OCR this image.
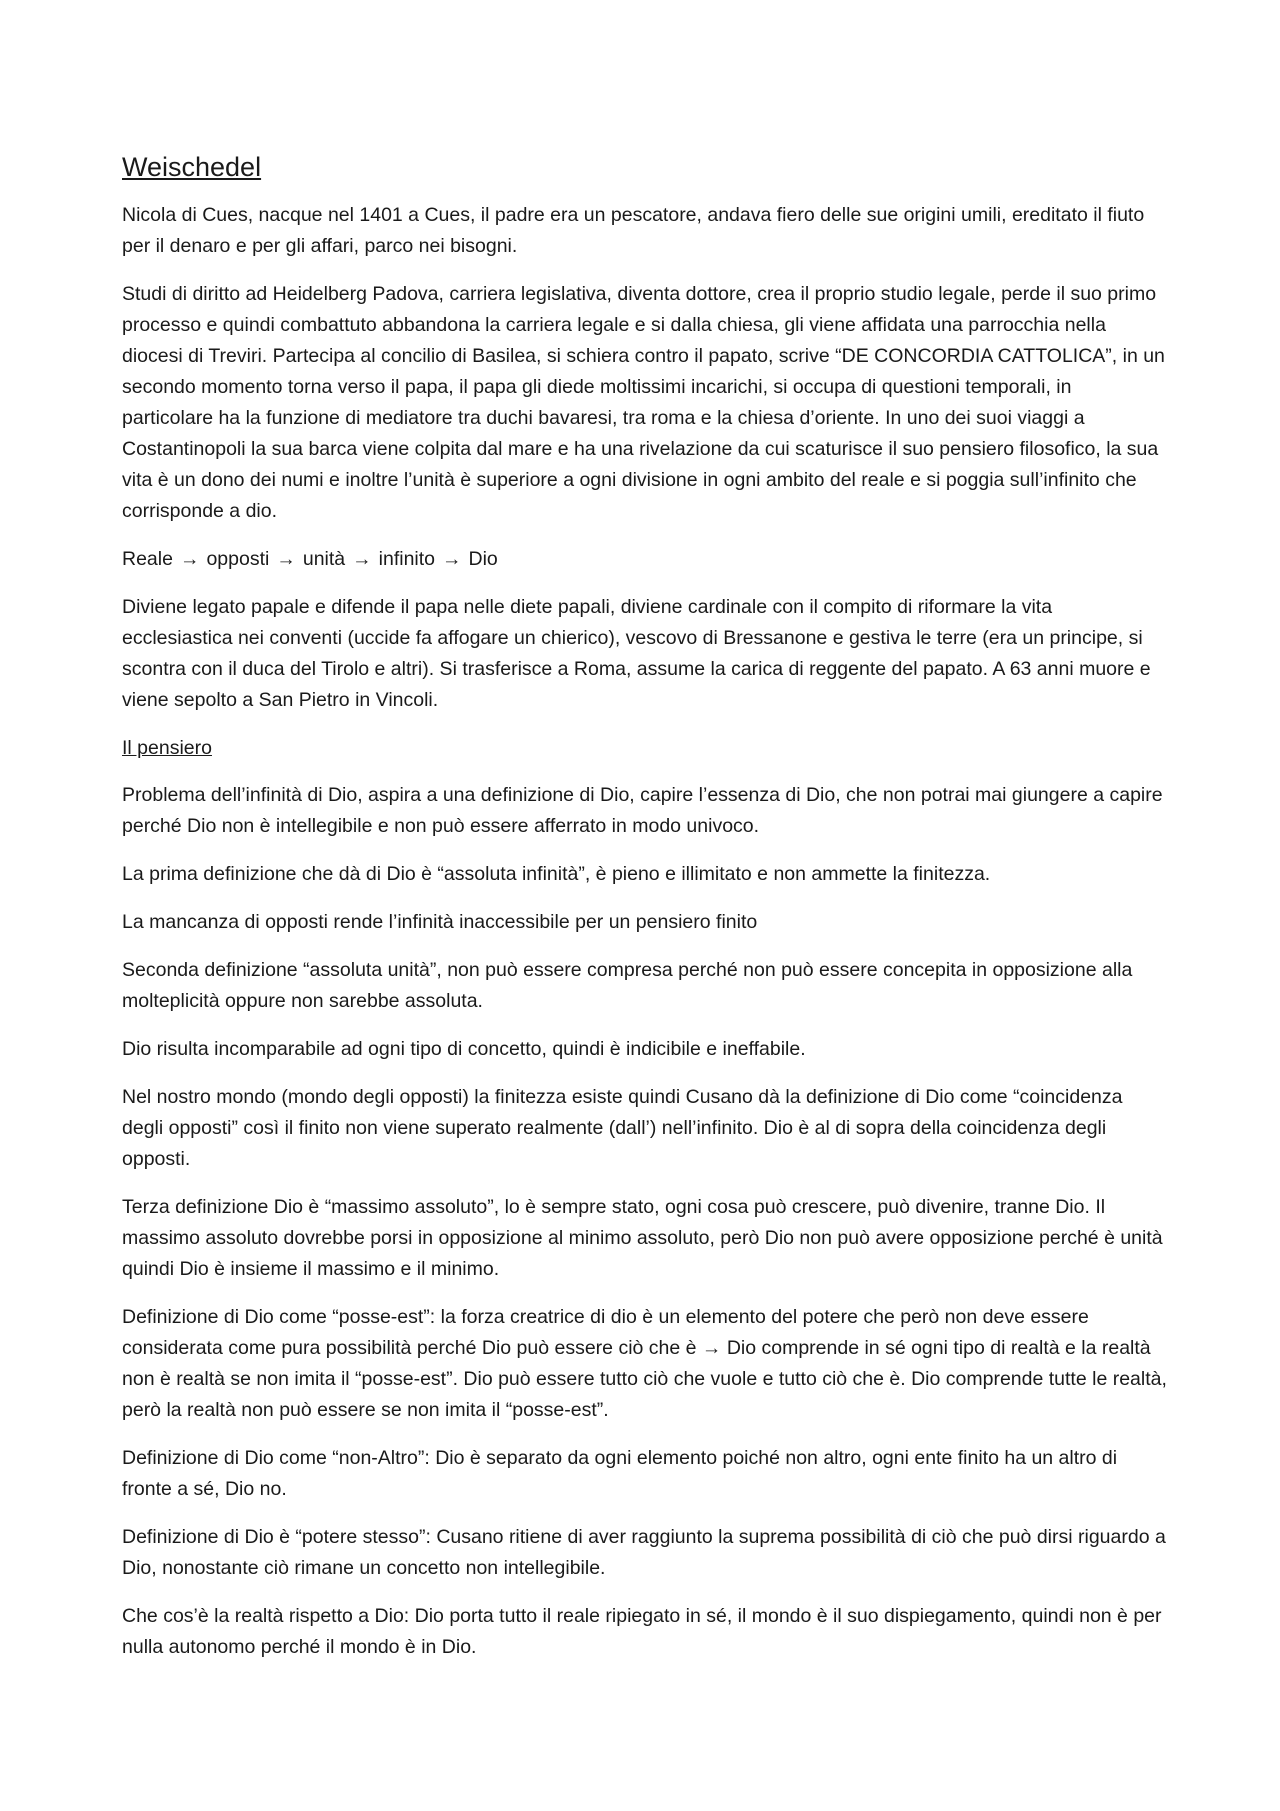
Weischedel

Nicola di Cues, nacque nel 1401 a Cues, il padre era un pescatore, andava fiero delle sue origini umili, ereditato il fiuto per il denaro e per gli affari, parco nei bisogni.

Studi di diritto ad Heidelberg Padova, carriera legislativa, diventa dottore, crea il proprio studio legale, perde il suo primo processo e quindi combattuto abbandona la carriera legale e si dalla chiesa, gli viene affidata una parrocchia nella diocesi di Treviri. Partecipa al concilio di Basilea, si schiera contro il papato, scrive “DE CONCORDIA CATTOLICA”, in un secondo momento torna verso il papa, il papa gli diede moltissimi incarichi, si occupa di questioni temporali, in particolare ha la funzione di mediatore tra duchi bavaresi, tra roma e la chiesa d’oriente. In uno dei suoi viaggi a Costantinopoli la sua barca viene colpita dal mare e ha una rivelazione da cui scaturisce il suo pensiero filosofico, la sua vita è un dono dei numi e inoltre l’unità è superiore a ogni divisione in ogni ambito del reale e si poggia sull’infinito che corrisponde a dio.

Reale → opposti → unità → infinito → Dio

Diviene legato papale e difende il papa nelle diete papali, diviene cardinale con il compito di riformare la vita ecclesiastica nei conventi (uccide fa affogare un chierico), vescovo di Bressanone e gestiva le terre (era un principe, si scontra con il duca del Tirolo e altri). Si trasferisce a Roma, assume la carica di reggente del papato. A 63 anni muore e viene sepolto a San Pietro in Vincoli.

Il pensiero

Problema dell’infinità di Dio, aspira a una definizione di Dio, capire l’essenza di Dio, che non potrai mai giungere a capire perché Dio non è intellegibile e non può essere afferrato in modo univoco.

La prima definizione che dà di Dio è “assoluta infinità”, è pieno e illimitato e non ammette la finitezza.

La mancanza di opposti rende l’infinità inaccessibile per un pensiero finito

Seconda definizione “assoluta unità”, non può essere compresa perché non può essere concepita in opposizione alla molteplicità oppure non sarebbe assoluta.

Dio risulta incomparabile ad ogni tipo di concetto, quindi è indicibile e ineffabile.

Nel nostro mondo (mondo degli opposti) la finitezza esiste quindi Cusano dà la definizione di Dio come “coincidenza degli opposti” così il finito non viene superato realmente (dall’) nell’infinito. Dio è al di sopra della coincidenza degli opposti.

Terza definizione Dio è “massimo assoluto”, lo è sempre stato, ogni cosa può crescere, può divenire, tranne Dio. Il massimo assoluto dovrebbe porsi in opposizione al minimo assoluto, però Dio non può avere opposizione perché è unità quindi Dio è insieme il massimo e il minimo.

Definizione di Dio come “posse-est”: la forza creatrice di dio è un elemento del potere che però non deve essere considerata come pura possibilità perché Dio può essere ciò che è → Dio comprende in sé ogni tipo di realtà e la realtà non è realtà se non imita il “posse-est”. Dio può essere tutto ciò che vuole e tutto ciò che è. Dio comprende tutte le realtà, però la realtà non può essere se non imita il “posse-est”.

Definizione di Dio come “non-Altro”: Dio è separato da ogni elemento poiché non altro, ogni ente finito ha un altro di fronte a sé, Dio no.

Definizione di Dio è “potere stesso”: Cusano ritiene di aver raggiunto la suprema possibilità di ciò che può dirsi riguardo a Dio, nonostante ciò rimane un concetto non intellegibile.

Che cos’è la realtà rispetto a Dio: Dio porta tutto il reale ripiegato in sé, il mondo è il suo dispiegamento, quindi non è per nulla autonomo perché il mondo è in Dio.
